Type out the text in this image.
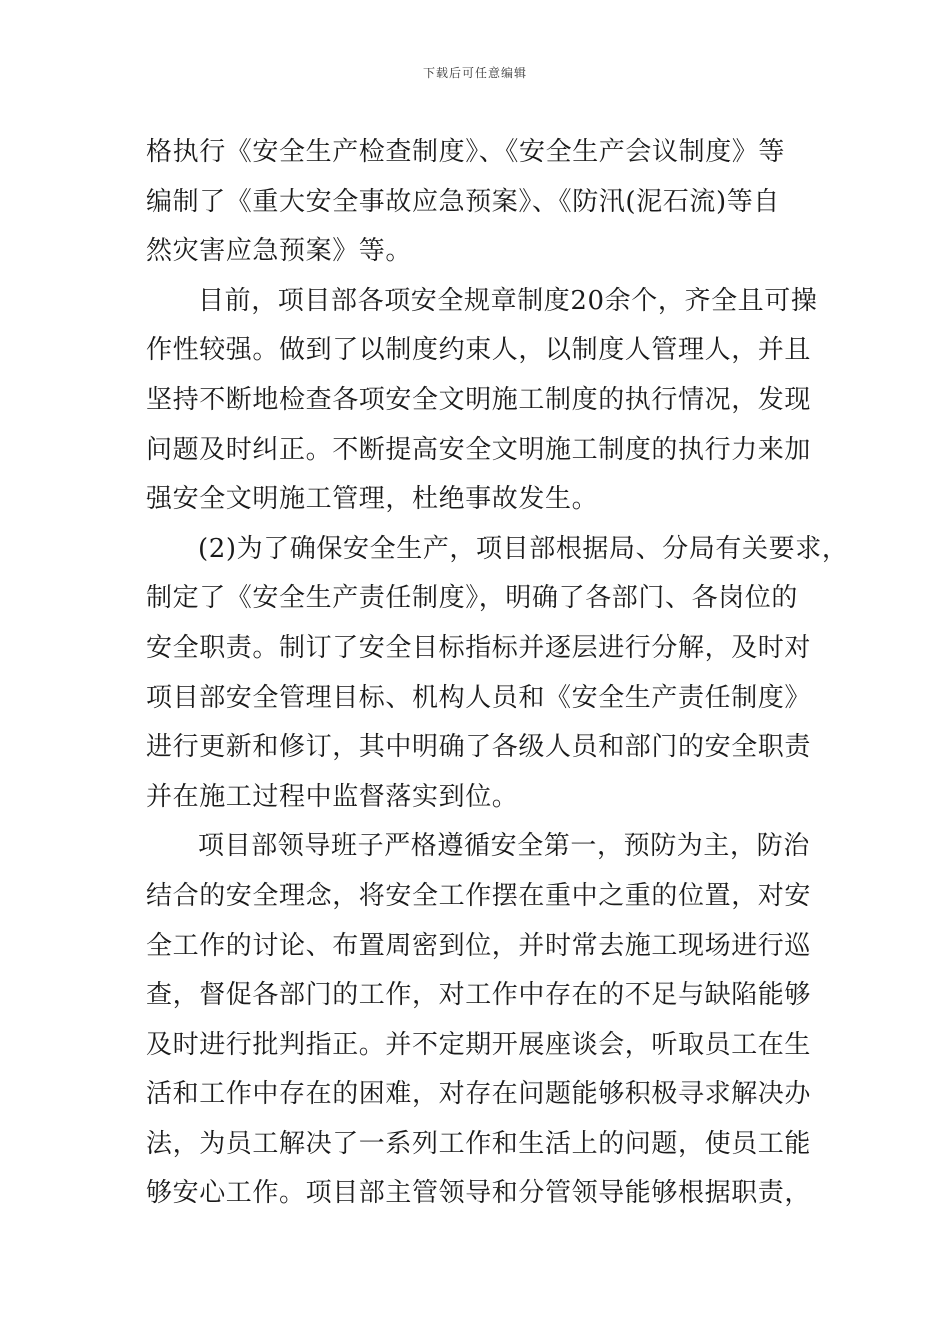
下载后可任意编辑
格执行《安全生产检查制度》、《安全生产会议制度》等
编制了《重大安全事故应急预案》、《防汛(泥石流)等自
然灾害应急预案》等。
目前，项目部各项安全规章制度20余个，齐全且可操
作性较强。做到了以制度约束人，以制度人管理人，并且
坚持不断地检查各项安全文明施工制度的执行情况，发现
问题及时纠正。不断提高安全文明施工制度的执行力来加
强安全文明施工管理，杜绝事故发生。
(2)为了确保安全生产，项目部根据局、分局有关要求，
制定了《安全生产责任制度》，明确了各部门、各岗位的
安全职责。制订了安全目标指标并逐层进行分解，及时对
项目部安全管理目标、机构人员和《安全生产责任制度》
进行更新和修订，其中明确了各级人员和部门的安全职责
并在施工过程中监督落实到位。
项目部领导班子严格遵循安全第一，预防为主，防治
结合的安全理念，将安全工作摆在重中之重的位置，对安
全工作的讨论、布置周密到位，并时常去施工现场进行巡
查，督促各部门的工作，对工作中存在的不足与缺陷能够
及时进行批判指正。并不定期开展座谈会，听取员工在生
活和工作中存在的困难，对存在问题能够积极寻求解决办
法，为员工解决了一系列工作和生活上的问题，使员工能
够安心工作。项目部主管领导和分管领导能够根据职责，
